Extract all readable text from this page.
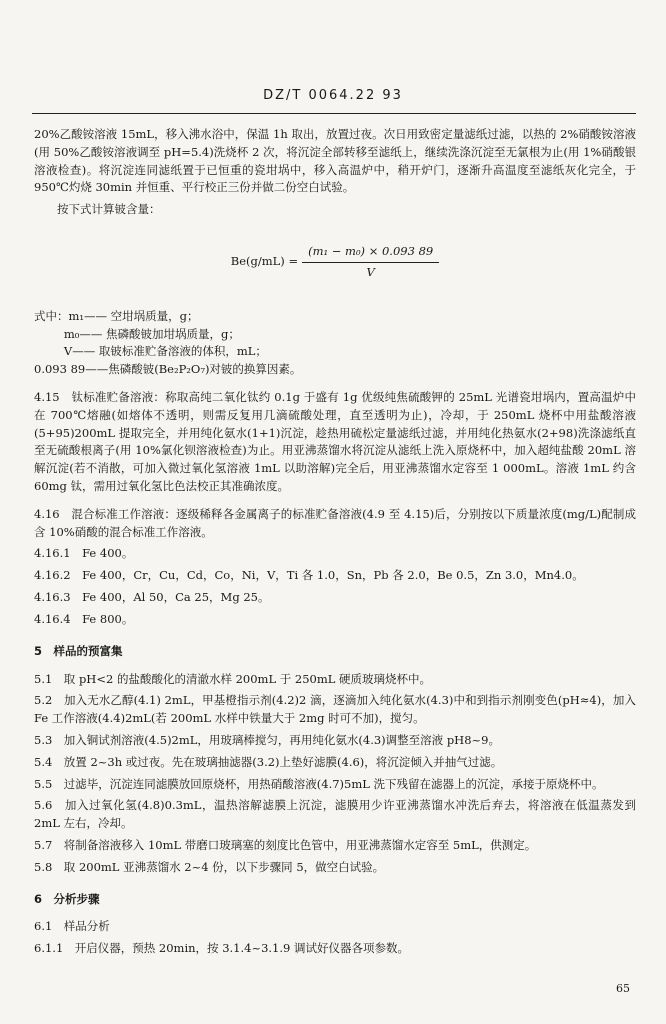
DZ/T 0064.22 93

20%乙酸铵溶液 15mL，移入沸水浴中，保温 1h 取出，放置过夜。次日用致密定量滤纸过滤，以热的 2%硝酸铵溶液(用 50%乙酸铵溶液调至 pH=5.4)洗烧杯 2 次，将沉淀全部转移至滤纸上，继续洗涤沉淀至无氯根为止(用 1%硝酸银溶液检查)。将沉淀连同滤纸置于已恒重的瓷坩埚中，移入高温炉中，稍开炉门，逐渐升高温度至滤纸灰化完全，于 950℃灼烧 30min 并恒重、平行校正三份并做二份空白试验。

按下式计算铍含量：

$Be(g/mL) = \frac{\text{(m₁ − m₀) × 0.093 89}}{V}$

式中：m₁—— 空坩埚质量，g；

m₀—— 焦磷酸铍加坩埚质量，g；

V—— 取铍标准贮备溶液的体积，mL；

0.093 89——焦磷酸铍(Be₂P₂O₇)对铍的换算因素。

4.15　钛标准贮备溶液：称取高纯二氧化钛约 0.1g 于盛有 1g 优级纯焦硫酸钾的 25mL 光谱瓷坩埚内，置高温炉中在 700℃熔融(如熔体不透明，则需反复用几滴硫酸处理，直至透明为止)，冷却，于 250mL 烧杯中用盐酸溶液(5+95)200mL 提取完全，并用纯化氨水(1+1)沉淀，趁热用硫松定量滤纸过滤，并用纯化热氨水(2+98)洗涤滤纸直至无硫酸根离子(用 10%氯化钡溶液检查)为止。用亚沸蒸馏水将沉淀从滤纸上洗入原烧杯中，加入超纯盐酸 20mL 溶解沉淀(若不消散，可加入微过氧化氢溶液 1mL 以助溶解)完全后，用亚沸蒸馏水定容至 1 000mL。溶液 1mL 约含 60mg 钛，需用过氧化氢比色法校正其准确浓度。

4.16　混合标准工作溶液：逐级稀释各金属离子的标准贮备溶液(4.9 至 4.15)后，分别按以下质量浓度(mg/L)配制成含 10%硝酸的混合标准工作溶液。

4.16.1　Fe 400。

4.16.2　Fe 400，Cr，Cu，Cd，Co，Ni，V，Ti 各 1.0，Sn，Pb 各 2.0，Be 0.5，Zn 3.0，Mn4.0。

4.16.3　Fe 400，Al 50，Ca 25，Mg 25。

4.16.4　Fe 800。

5　样品的预富集

5.1　取 pH<2 的盐酸酸化的清澈水样 200mL 于 250mL 硬质玻璃烧杯中。

5.2　加入无水乙醇(4.1) 2mL，甲基橙指示剂(4.2)2 滴，逐滴加入纯化氨水(4.3)中和到指示剂刚变色(pH≈4)，加入 Fe 工作溶液(4.4)2mL(若 200mL 水样中铁量大于 2mg 时可不加)，搅匀。

5.3　加入铜试剂溶液(4.5)2mL，用玻璃棒搅匀，再用纯化氨水(4.3)调整至溶液 pH8~9。

5.4　放置 2~3h 或过夜。先在玻璃抽滤器(3.2)上垫好滤膜(4.6)，将沉淀倾入并抽气过滤。

5.5　过滤毕，沉淀连同滤膜放回原烧杯，用热硝酸溶液(4.7)5mL 洗下残留在滤器上的沉淀，承接于原烧杯中。

5.6　加入过氧化氢(4.8)0.3mL，温热溶解滤膜上沉淀，滤膜用少许亚沸蒸馏水冲洗后弃去，将溶液在低温蒸发到 2mL 左右，冷却。

5.7　将制备溶液移入 10mL 带磨口玻璃塞的刻度比色管中，用亚沸蒸馏水定容至 5mL，供测定。

5.8　取 200mL 亚沸蒸馏水 2~4 份，以下步骤同 5，做空白试验。

6　分析步骤

6.1　样品分析

6.1.1　开启仪器，预热 20min，按 3.1.4~3.1.9 调试好仪器各项参数。

65
